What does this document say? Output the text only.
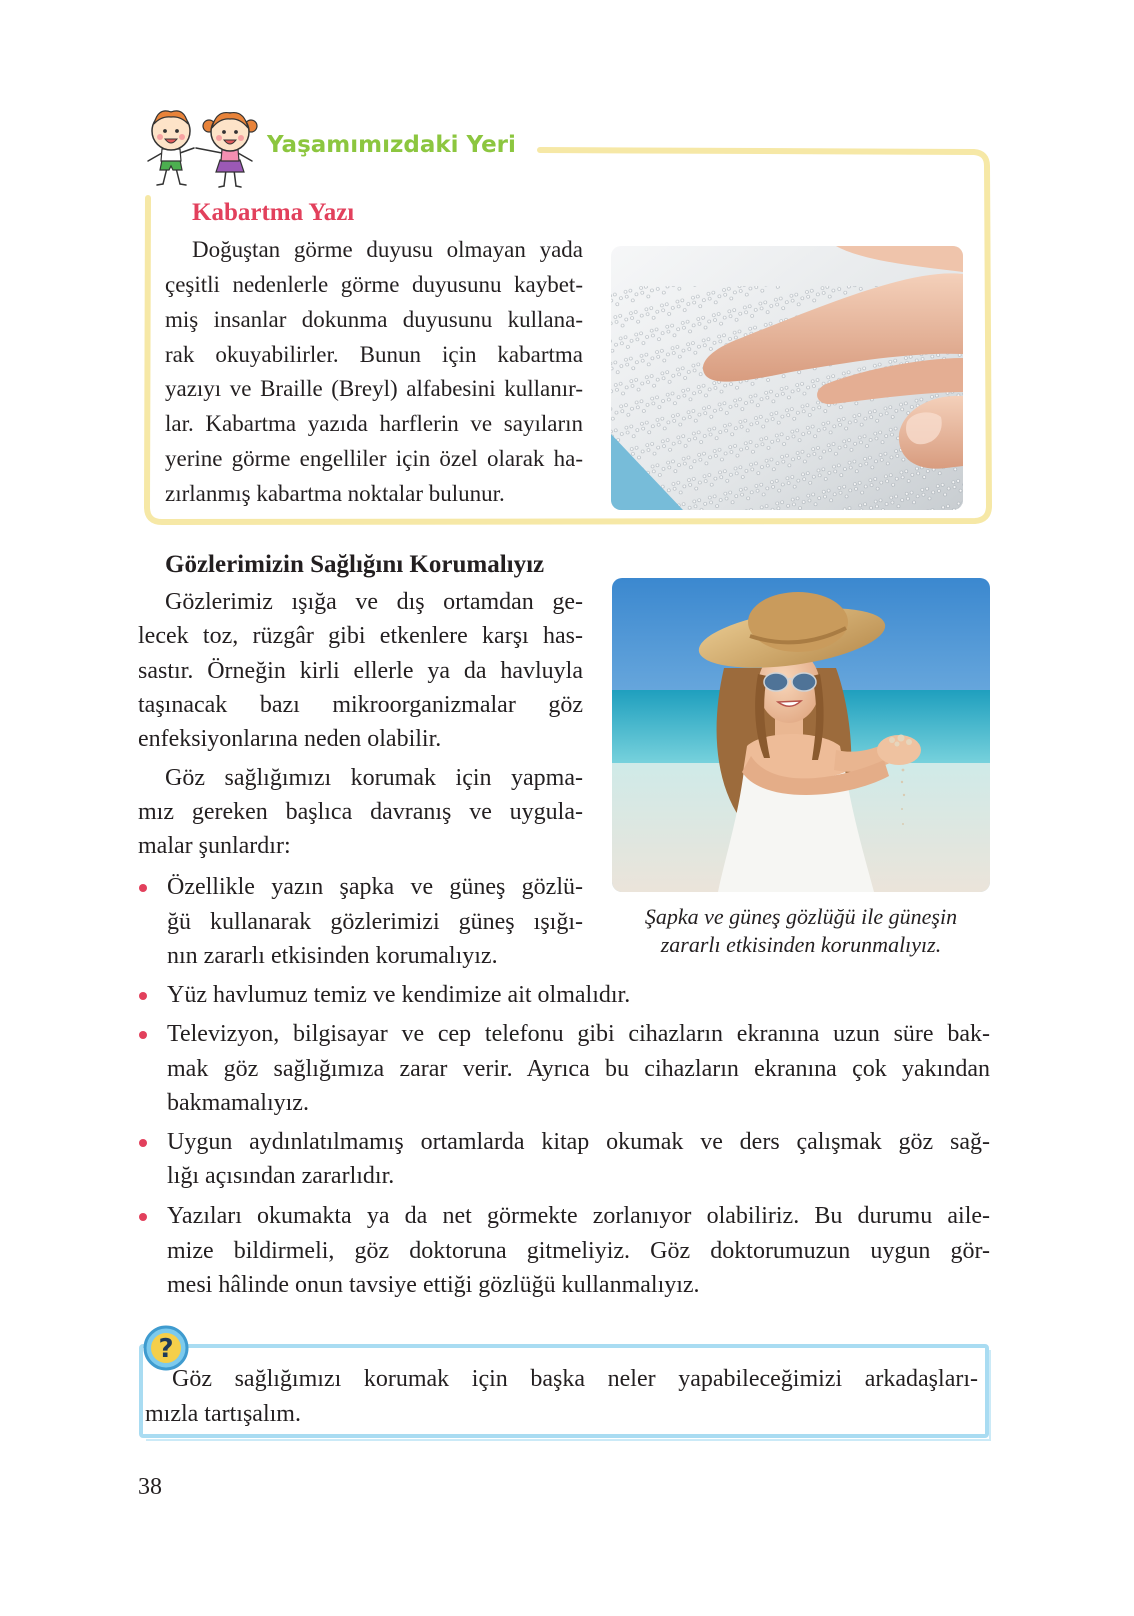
Yaşamımızdaki Yeri
Kabartma Yazı
Doğuştan görme duyusu olmayan yada
çeşitli nedenlerle görme duyusunu kaybet-
miş insanlar dokunma duyusunu kullana-
rak okuyabilirler. Bunun için kabartma
yazıyı ve Braille (Breyl) alfabesini kullanır-
lar. Kabartma yazıda harflerin ve sayıların
yerine görme engelliler için özel olarak ha-
zırlanmış kabartma noktalar bulunur.
Gözlerimizin Sağlığını Korumalıyız
Gözlerimiz ışığa ve dış ortamdan ge-
lecek toz, rüzgâr gibi etkenlere karşı has-
sastır. Örneğin kirli ellerle ya da havluyla
taşınacak bazı mikroorganizmalar göz
enfeksiyonlarına neden olabilir.
Göz sağlığımızı korumak için yapma-
mız gereken başlıca davranış ve uygula-
malar şunlardır:
Şapka ve güneş gözlüğü ile güneşin
zararlı etkisinden korunmalıyız.
Özellikle yazın şapka ve güneş gözlü-
ğü kullanarak gözlerimizi güneş ışığı-
nın zararlı etkisinden korumalıyız.
Yüz havlumuz temiz ve kendimize ait olmalıdır.
Televizyon, bilgisayar ve cep telefonu gibi cihazların ekranına uzun süre bak-
mak göz sağlığımıza zarar verir. Ayrıca bu cihazların ekranına çok yakından
bakmamalıyız.
Uygun aydınlatılmamış ortamlarda kitap okumak ve ders çalışmak göz sağ-
lığı açısından zararlıdır.
Yazıları okumakta ya da net görmekte zorlanıyor olabiliriz. Bu durumu aile-
mize bildirmeli, göz doktoruna gitmeliyiz. Göz doktorumuzun uygun gör-
mesi hâlinde onun tavsiye ettiği gözlüğü kullanmalıyız.
?
Göz sağlığımızı korumak için başka neler yapabileceğimizi arkadaşları-
mızla tartışalım.
38
